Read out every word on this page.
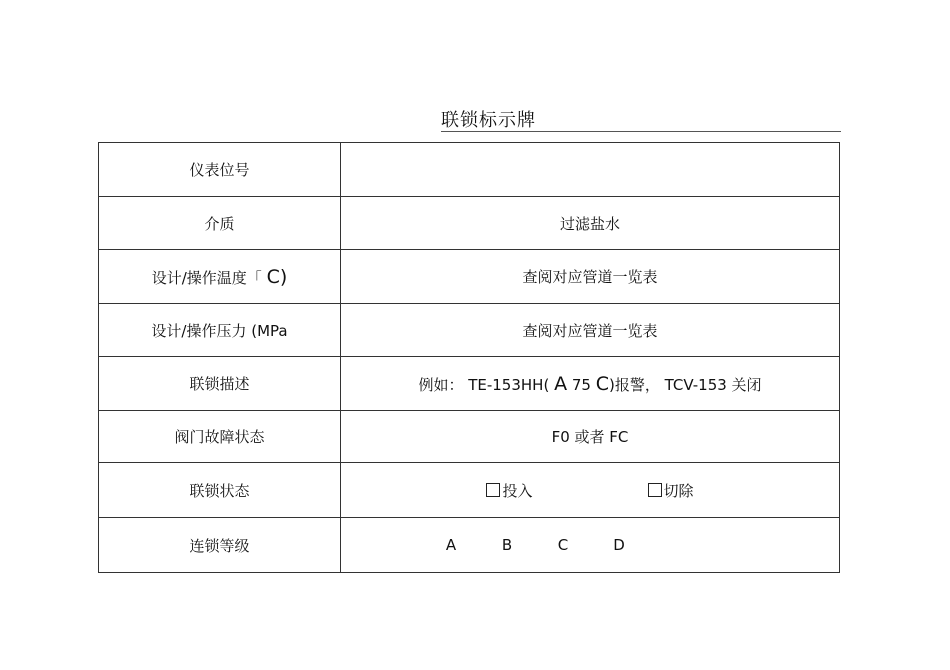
联锁标示牌
仪表位号	
介质	过滤盐水
设计/操作温度「 C)	查阅对应管道一览表
设计/操作压力 (MPa	查阅对应管道一览表
联锁描述	例如： TE-153HH( A 75 C)报警， TCV-153 关闭
阀门故障状态	F0 或者 FC
联锁状态	投入 切除

连锁等级	A B C D
